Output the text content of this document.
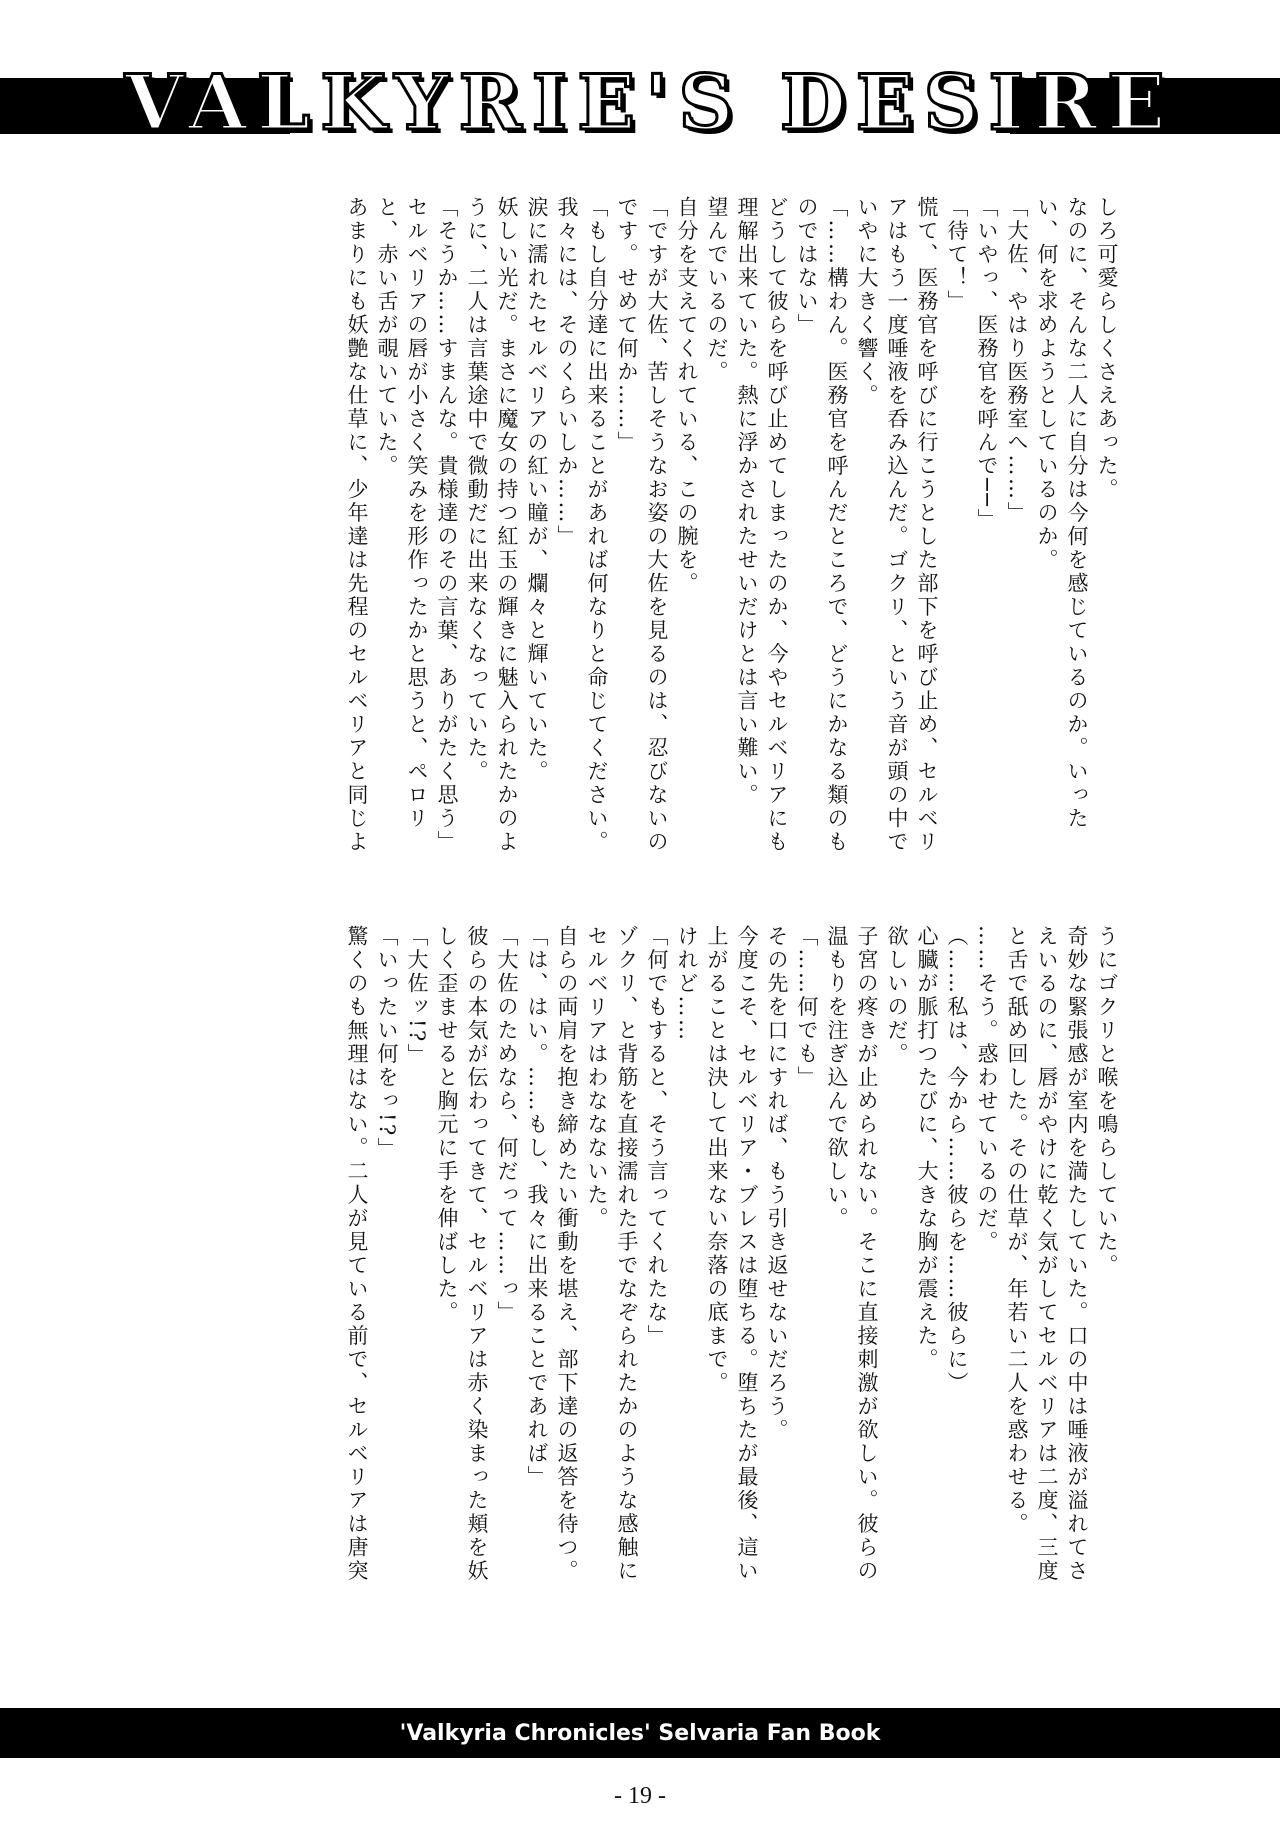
VALKYRIE'S DESIRE

しろ可愛らしくさえあった。

なのに、そんな二人に自分は今何を感じているのか。いったい、何を求めようとしているのか。

「大佐、やはり医務室へ……」

「いやっ、医務官を呼んで──」

「待て！」

慌て、医務官を呼びに行こうとした部下を呼び止め、セルベリアはもう一度唾液を呑み込んだ。ゴクリ、という音が頭の中でいやに大きく響く。

「……構わん。医務官を呼んだところで、どうにかなる類のものではない」

どうして彼らを呼び止めてしまったのか、今やセルベリアにも理解出来ていた。熱に浮かされたせいだけとは言い難い。

望んでいるのだ。

自分を支えてくれている、この腕を。

「ですが大佐、苦しそうなお姿の大佐を見るのは、忍びないのです。せめて何か……」

「もし自分達に出来ることがあれば何なりと命じてください。我々には、そのくらいしか……」

涙に濡れたセルベリアの紅い瞳が、爛々と輝いていた。

妖しい光だ。まさに魔女の持つ紅玉の輝きに魅入られたかのように、二人は言葉途中で微動だに出来なくなっていた。

「そうか……すまんな。貴様達のその言葉、ありがたく思う」

セルベリアの唇が小さく笑みを形作ったかと思うと、ペロリと、赤い舌が覗いていた。

あまりにも妖艶な仕草に、少年達は先程のセルベリアと同じよ

うにゴクリと喉を鳴らしていた。

奇妙な緊張感が室内を満たしていた。口の中は唾液が溢れてさえいるのに、唇がやけに乾く気がしてセルベリアは二度、三度と舌で舐め回した。その仕草が、年若い二人を惑わせる。

……そう。惑わせているのだ。

（……私は、今から……彼らを……彼らに）

心臓が脈打つたびに、大きな胸が震えた。

欲しいのだ。

子宮の疼きが止められない。そこに直接刺激が欲しい。彼らの温もりを注ぎ込んで欲しい。

「……何でも」

その先を口にすれば、もう引き返せないだろう。

今度こそ、セルベリア・ブレスは堕ちる。堕ちたが最後、這い上がることは決して出来ない奈落の底まで。

けれど……

「何でもすると、そう言ってくれたな」

ゾクリ、と背筋を直接濡れた手でなぞられたかのような感触にセルベリアはわななないた。

自らの両肩を抱き締めたい衝動を堪え、部下達の返答を待つ。

「は、はい。……もし、我々に出来ることであれば」

「大佐のためなら、何だって……っ」

彼らの本気が伝わってきて、セルベリアは赤く染まった頬を妖しく歪ませると胸元に手を伸ばした。

「大佐ッ!?」

「いったい何をっ!?」

驚くのも無理はない。二人が見ている前で、セルベリアは唐突

'Valkyria Chronicles' Selvaria Fan Book
- 19 -
